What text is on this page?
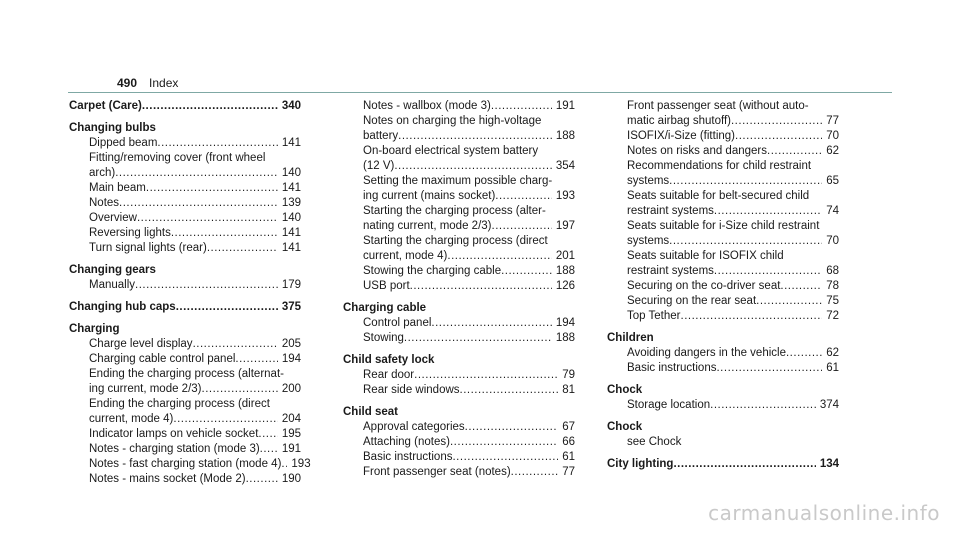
490 Index
Carpet (Care) .....	340
Changing bulbs
Dipped beam .....	141
Fitting/removing cover (front wheel
arch) .....	140
Main beam .....	141
Notes .....	139
Overview .....	140
Reversing lights .....	141
Turn signal lights (rear) .....	141
Changing gears
Manually .....	179
Changing hub caps .....	375
Charging
Charge level display .....	205
Charging cable control panel .....	194
Ending the charging process (alternat-
ing current, mode 2/3) .....	200
Ending the charging process (direct
current, mode 4) .....	204
Indicator lamps on vehicle socket .....	195
Notes - charging station (mode 3) .....	191
Notes - fast charging station (mode 4) ..... 193
Notes - mains socket (Mode 2) .....	190
Notes - wallbox (mode 3) .....	191
Notes on charging the high-voltage
battery .....	188
On-board electrical system battery
(12 V) .....	354
Setting the maximum possible charg-
ing current (mains socket) .....	193
Starting the charging process (alter-
nating current, mode 2/3) .....	197
Starting the charging process (direct
current, mode 4) .....	201
Stowing the charging cable .....	188
USB port .....	126
Charging cable
Control panel .....	194
Stowing .....	188
Child safety lock
Rear door .....	79
Rear side windows .....	81
Child seat
Approval categories .....	67
Attaching (notes) .....	66
Basic instructions .....	61
Front passenger seat (notes) .....	77
Front passenger seat (without auto-
matic airbag shutoff) .....	77
ISOFIX/i-Size (fitting) .....	70
Notes on risks and dangers .....	62
Recommendations for child restraint
systems .....	65
Seats suitable for belt-secured child
restraint systems .....	74
Seats suitable for i-Size child restraint
systems .....	70
Seats suitable for ISOFIX child
restraint systems .....	68
Securing on the co-driver seat .....	78
Securing on the rear seat .....	75
Top Tether .....	72
Children
Avoiding dangers in the vehicle .....	62
Basic instructions .....	61
Chock
Storage location .....	374
Chock
see Chock
City lighting .....	134
carmanualsonline.info
